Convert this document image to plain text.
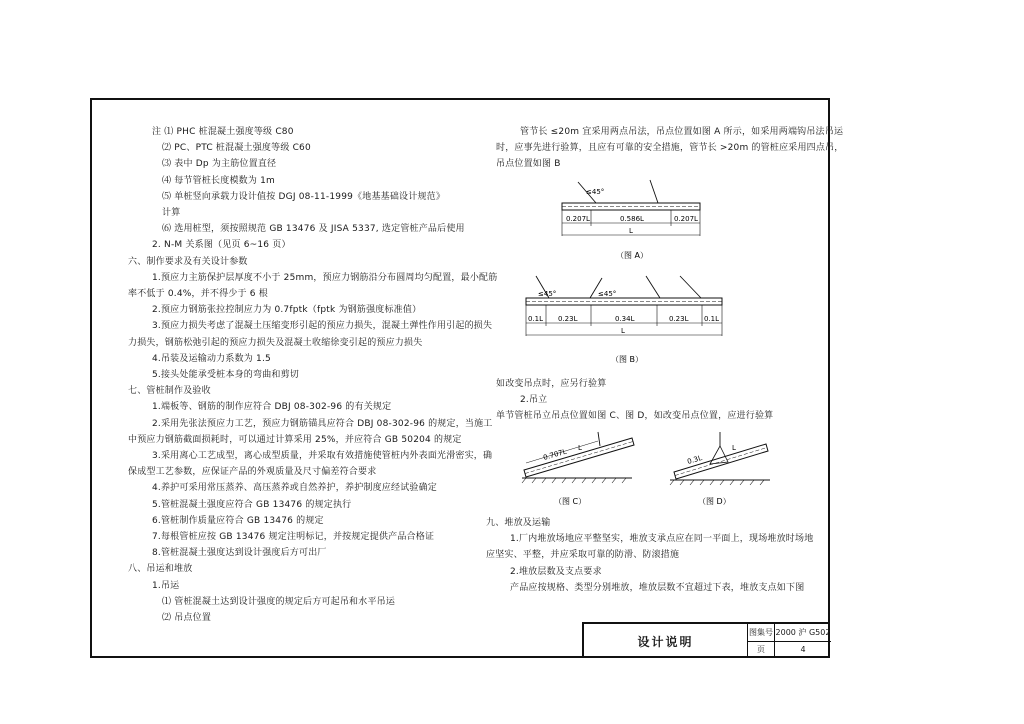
注 ⑴ PHC 桩混凝土强度等级 C80
⑵ PC、PTC 桩混凝土强度等级 C60
⑶ 表中 Dp 为主筋位置直径
⑷ 每节管桩长度模数为 1m
⑸ 单桩竖向承载力设计值按 DGJ 08-11-1999《地基基础设计规范》
计算
⑹ 选用桩型，须按照规范 GB 13476 及 JISA 5337, 选定管桩产品后使用
2. N-M 关系图（见页 6~16 页）
六、制作要求及有关设计参数
1.预应力主筋保护层厚度不小于 25mm，预应力钢筋沿分布圆周均匀配置，最小配筋
率不低于 0.4%，并不得少于 6 根
2.预应力钢筋张拉控制应力为 0.7fptk（fptk 为钢筋强度标准值）
3.预应力损失考虑了混凝土压缩变形引起的预应力损失，混凝土弹性作用引起的损失
力损失，钢筋松弛引起的预应力损失及混凝土收缩徐变引起的预应力损失
4.吊装及运输动力系数为 1.5
5.接头处能承受桩本身的弯曲和剪切
七、管桩制作及验收
1.端板等、钢筋的制作应符合 DBJ 08-302-96 的有关规定
2.采用先张法预应力工艺，预应力钢筋锚具应符合 DBJ 08-302-96 的规定，当施工
中预应力钢筋截面损耗时，可以通过计算采用 25%，并应符合 GB 50204 的规定
3.采用离心工艺成型，离心成型质量，并采取有效措施使管桩内外表面光滑密实，确
保成型工艺参数，应保证产品的外观质量及尺寸偏差符合要求
4.养护可采用常压蒸养、高压蒸养或自然养护，养护制度应经试验确定
5.管桩混凝土强度应符合 GB 13476 的规定执行
6.管桩制作质量应符合 GB 13476 的规定
7.每根管桩应按 GB 13476 规定注明标记，并按规定提供产品合格证
8.管桩混凝土强度达到设计强度后方可出厂
八、吊运和堆放
1.吊运
⑴ 管桩混凝土达到设计强度的规定后方可起吊和水平吊运
⑵ 吊点位置
管节长 ≤20m 宜采用两点吊法，吊点位置如图 A 所示，如采用两端钩吊法吊运
时，应事先进行验算，且应有可靠的安全措施，管节长 >20m 的管桩应采用四点吊，
吊点位置如图 B
≤45°
0.207L	0.586L	0.207L
L
（图 A）
≤45°	≤45°
0.1L 0.23L	0.34L	0.23L 0.1L
L
（图 B）
如改变吊点时，应另行验算
2.吊立
单节管桩吊立吊点位置如图 C、图 D，如改变吊点位置，应进行验算
0.707L L
（图 C）
0.3L
L
（图 D）
九、堆放及运输
1.厂内堆放场地应平整坚实，堆放支承点应在同一平面上，现场堆放时场地
应坚实、平整，并应采取可靠的防滑、防滚措施
2.堆放层数及支点要求
产品应按规格、类型分别堆放，堆放层数不宜超过下表，堆放支点如下图
设计说明
图集号 2000 沪 G502
页	4
